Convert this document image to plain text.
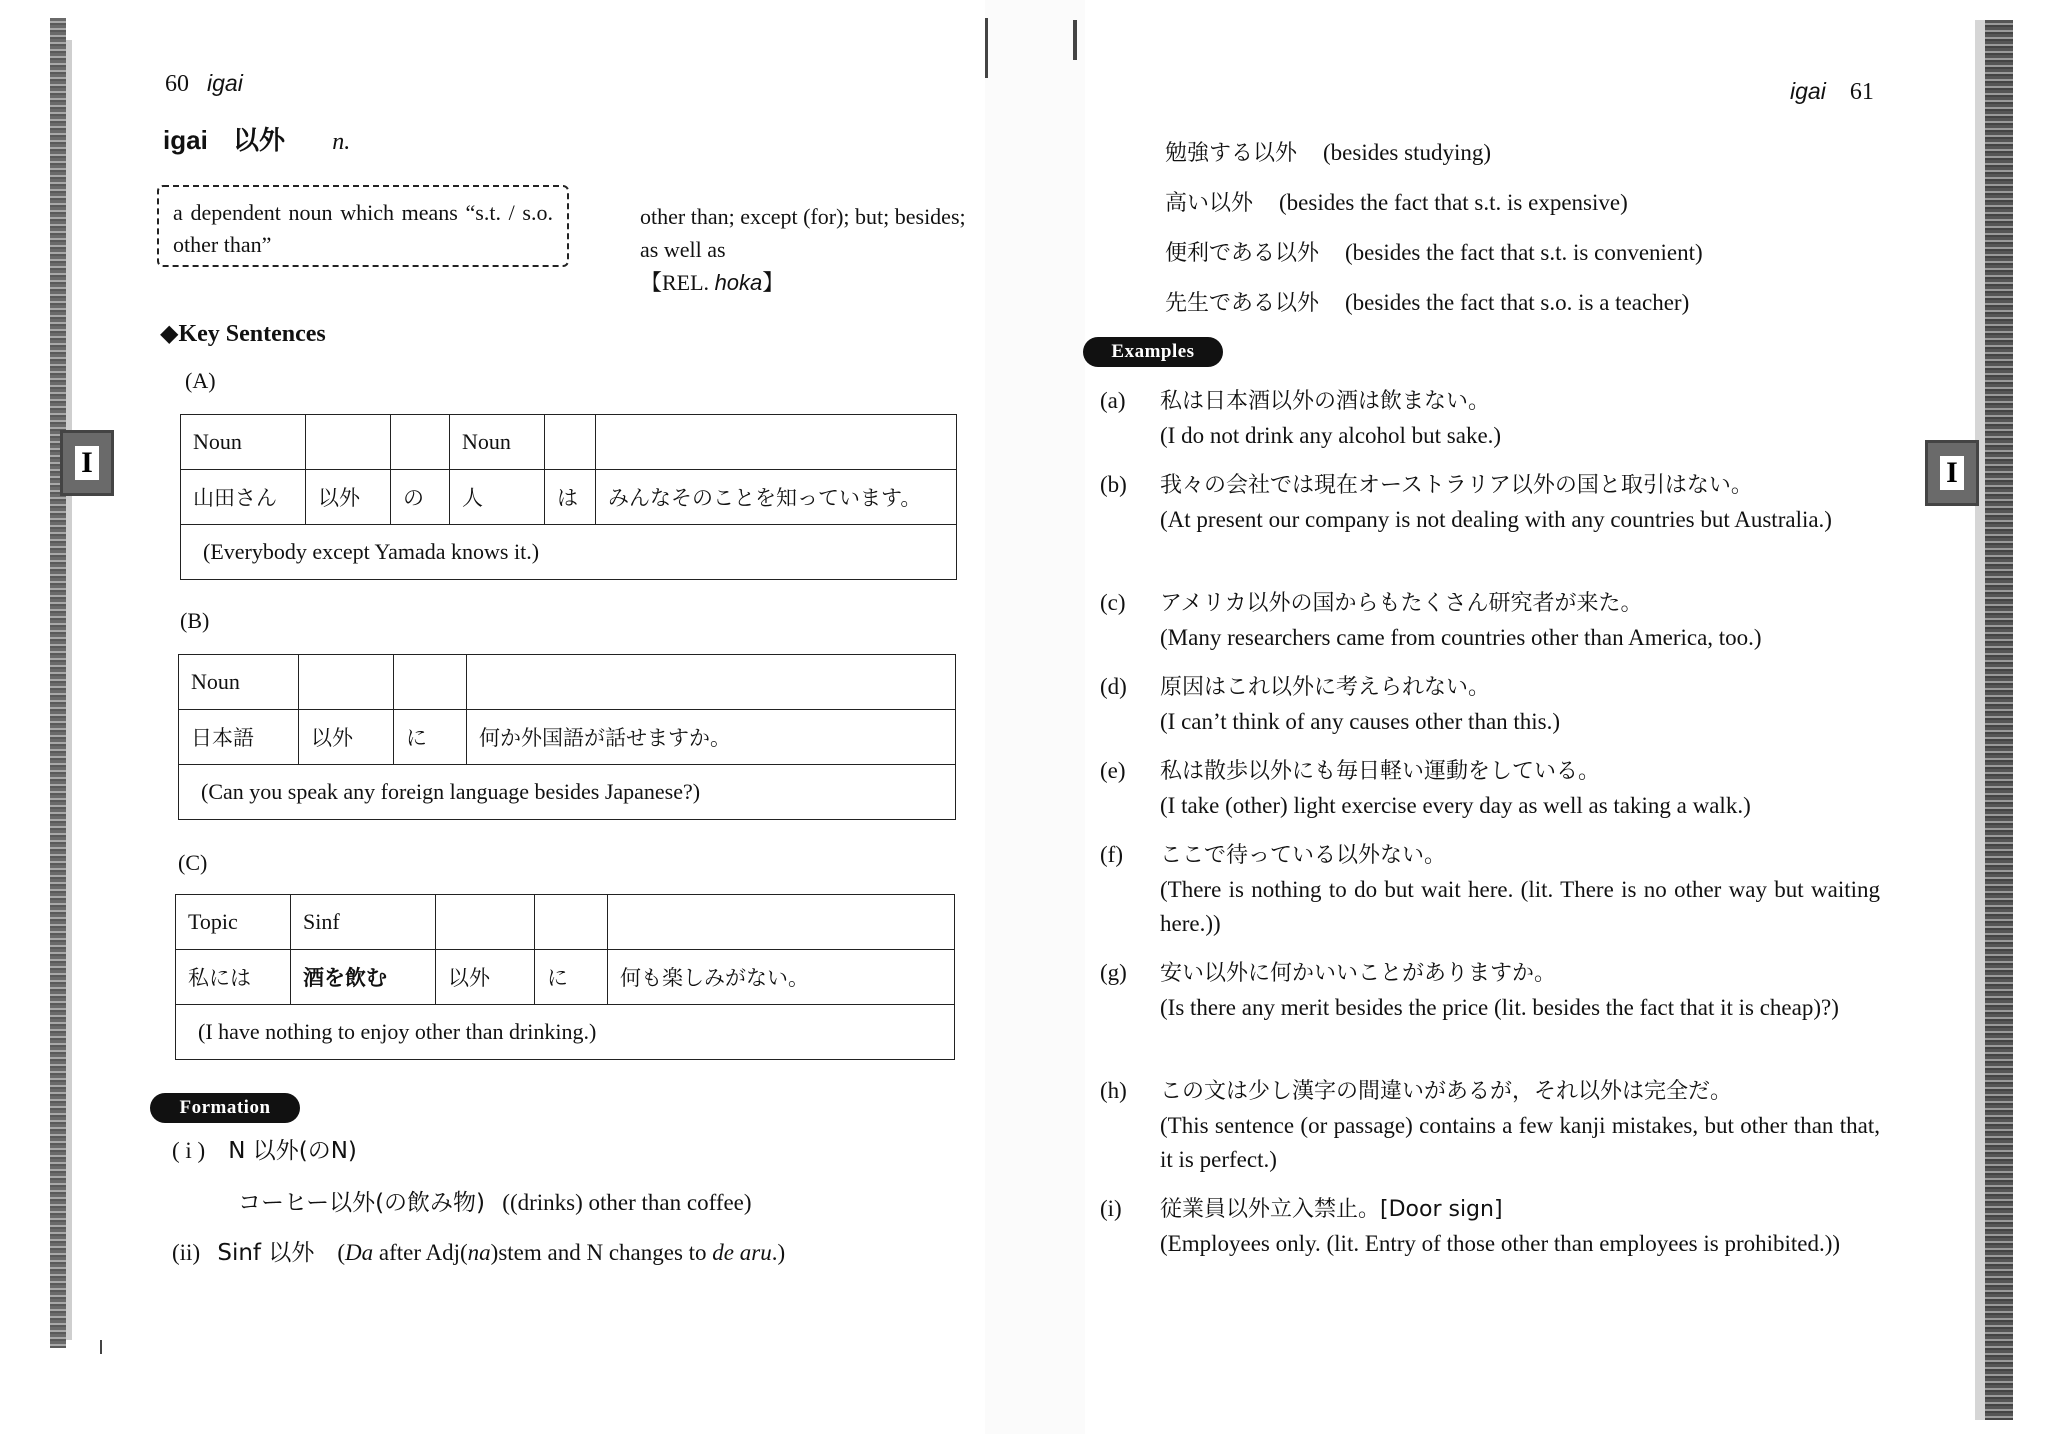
I	I
60 igai
igai 以外 n.
a dependent noun which means “s.t. / s.o. other than”
other than; except (for); but; besides; as well as
【REL. hoka】
◆Key Sentences
(A)
Noun			Noun		
山田さん	以外	の	人	は	みんなそのことを知っています。
(Everybody except Yamada knows it.)					
(B)
Noun			
日本語	以外	に	何か外国語が話せますか。
(Can you speak any foreign language besides Japanese?)			
(C)
Topic	Sinf			
私には	酒を飲む	以外	に	何も楽しみがない。
(I have nothing to enjoy other than drinking.)				
Formation
( i ) N 以外(のN)
コーヒー以外(の飲み物) ((drinks) other than coffee)
(ii) Sinf 以外 (Da after Adj(na)stem and N changes to de aru.)
igai 61
勉強する以外 (besides studying)
高い以外 (besides the fact that s.t. is expensive)
便利である以外 (besides the fact that s.t. is convenient)
先生である以外 (besides the fact that s.o. is a teacher)
Examples
(a)	私は日本酒以外の酒は飲まない。
(I do not drink any alcohol but sake.)
(b)	我々の会社では現在オーストラリア以外の国と取引はない。
(At present our company is not dealing with any countries but Australia.)
(c)	アメリカ以外の国からもたくさん研究者が来た。
(Many researchers came from countries other than America, too.)
(d)	原因はこれ以外に考えられない。
(I can’t think of any causes other than this.)
(e)	私は散歩以外にも毎日軽い運動をしている。
(I take (other) light exercise every day as well as taking a walk.)
(f)	ここで待っている以外ない。
(There is nothing to do but wait here. (lit. There is no other way but waiting here.))
(g)	安い以外に何かいいことがありますか。
(Is there any merit besides the price (lit. besides the fact that it is cheap)?)
(h)	この文は少し漢字の間違いがあるが，それ以外は完全だ。
(This sentence (or passage) contains a few kanji mistakes, but other than that, it is perfect.)
(i)	従業員以外立入禁止。[Door sign]
(Employees only. (lit. Entry of those other than employees is prohibited.))
